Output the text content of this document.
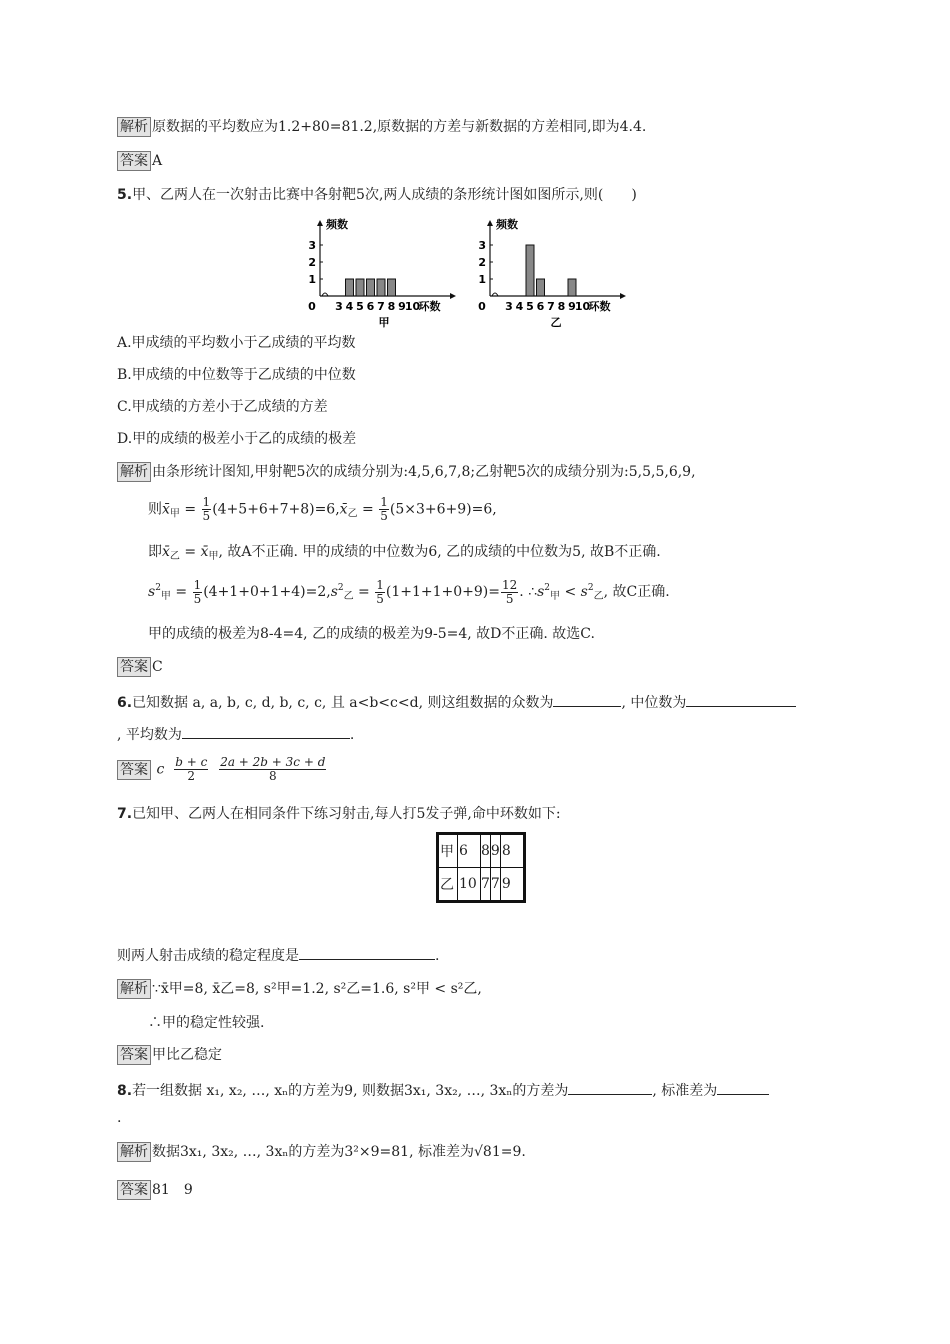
解析 原数据的平均数应为1.2+80=81.2,原数据的方差与新数据的方差相同,即为4.4.
答案 A
5.甲、乙两人在一次射击比赛中各射靶5次,两人成绩的条形统计图如图所示,则(　　)
1
2
3
0 3 4 5 6 7 8 9 10
频数
环数
甲
1
2
3
0 3 4 5 6 7 8 9 10
频数
环数
乙
A.甲成绩的平均数小于乙成绩的平均数
B.甲成绩的中位数等于乙成绩的中位数
C.甲成绩的方差小于乙成绩的方差
D.甲的成绩的极差小于乙的成绩的极差
解析 由条形统计图知,甲射靶5次的成绩分别为:4,5,6,7,8;乙射靶5次的成绩分别为:5,5,5,6,9,
则$x̄_甲 = \frac{1}{5}$ $(4+5+6+7+8)=6,x̄_乙 = \frac{1}{5} (5\times 3+6+9)=6$,
即$x̄_乙$ = $x̄_甲$, 故A不正确. 甲的成绩的中位数为6, 乙的成绩的中位数为5, 故B不正确.
$s^2_甲 = \frac{1}{5} (4+1+0+1+4)=2,s^2_乙 = \frac{1}{5} (1+1+1+0+9)= \frac{12}{5}$ . $\therefore s^2_甲 < s^2_乙$, 故C正确.
甲的成绩的极差为8-4=4, 乙的成绩的极差为9-5=4, 故D不正确. 故选C.
答案 C
6.已知数据 a, a, b, c, d, b, c, c, 且 a<b<c<d, 则这组数据的众数为	, 中位数为
, 平均数为	.
答案 c $\frac{b + c}{2}$
$\frac{2a + 2b + 3c + d}{8}$
7.已知甲、乙两人在相同条件下练习射击,每人打5发子弹,命中环数如下:
甲	6	8	9	8
乙	10	7	7	9
则两人射击成绩的稳定程度是	.
解析 ∵x̄甲=8, x̄乙=8, s²甲=1.2, s²乙=1.6, s²甲 < s²乙,
∴甲的稳定性较强.
答案 甲比乙稳定
8.若一组数据 x₁, x₂, …, xₙ的方差为9, 则数据3x₁, 3x₂, …, 3xₙ的方差为	, 标准差为
.
解析 数据3x₁, 3x₂, …, 3xₙ的方差为3²×9=81, 标准差为√81=9.
答案 81　9
